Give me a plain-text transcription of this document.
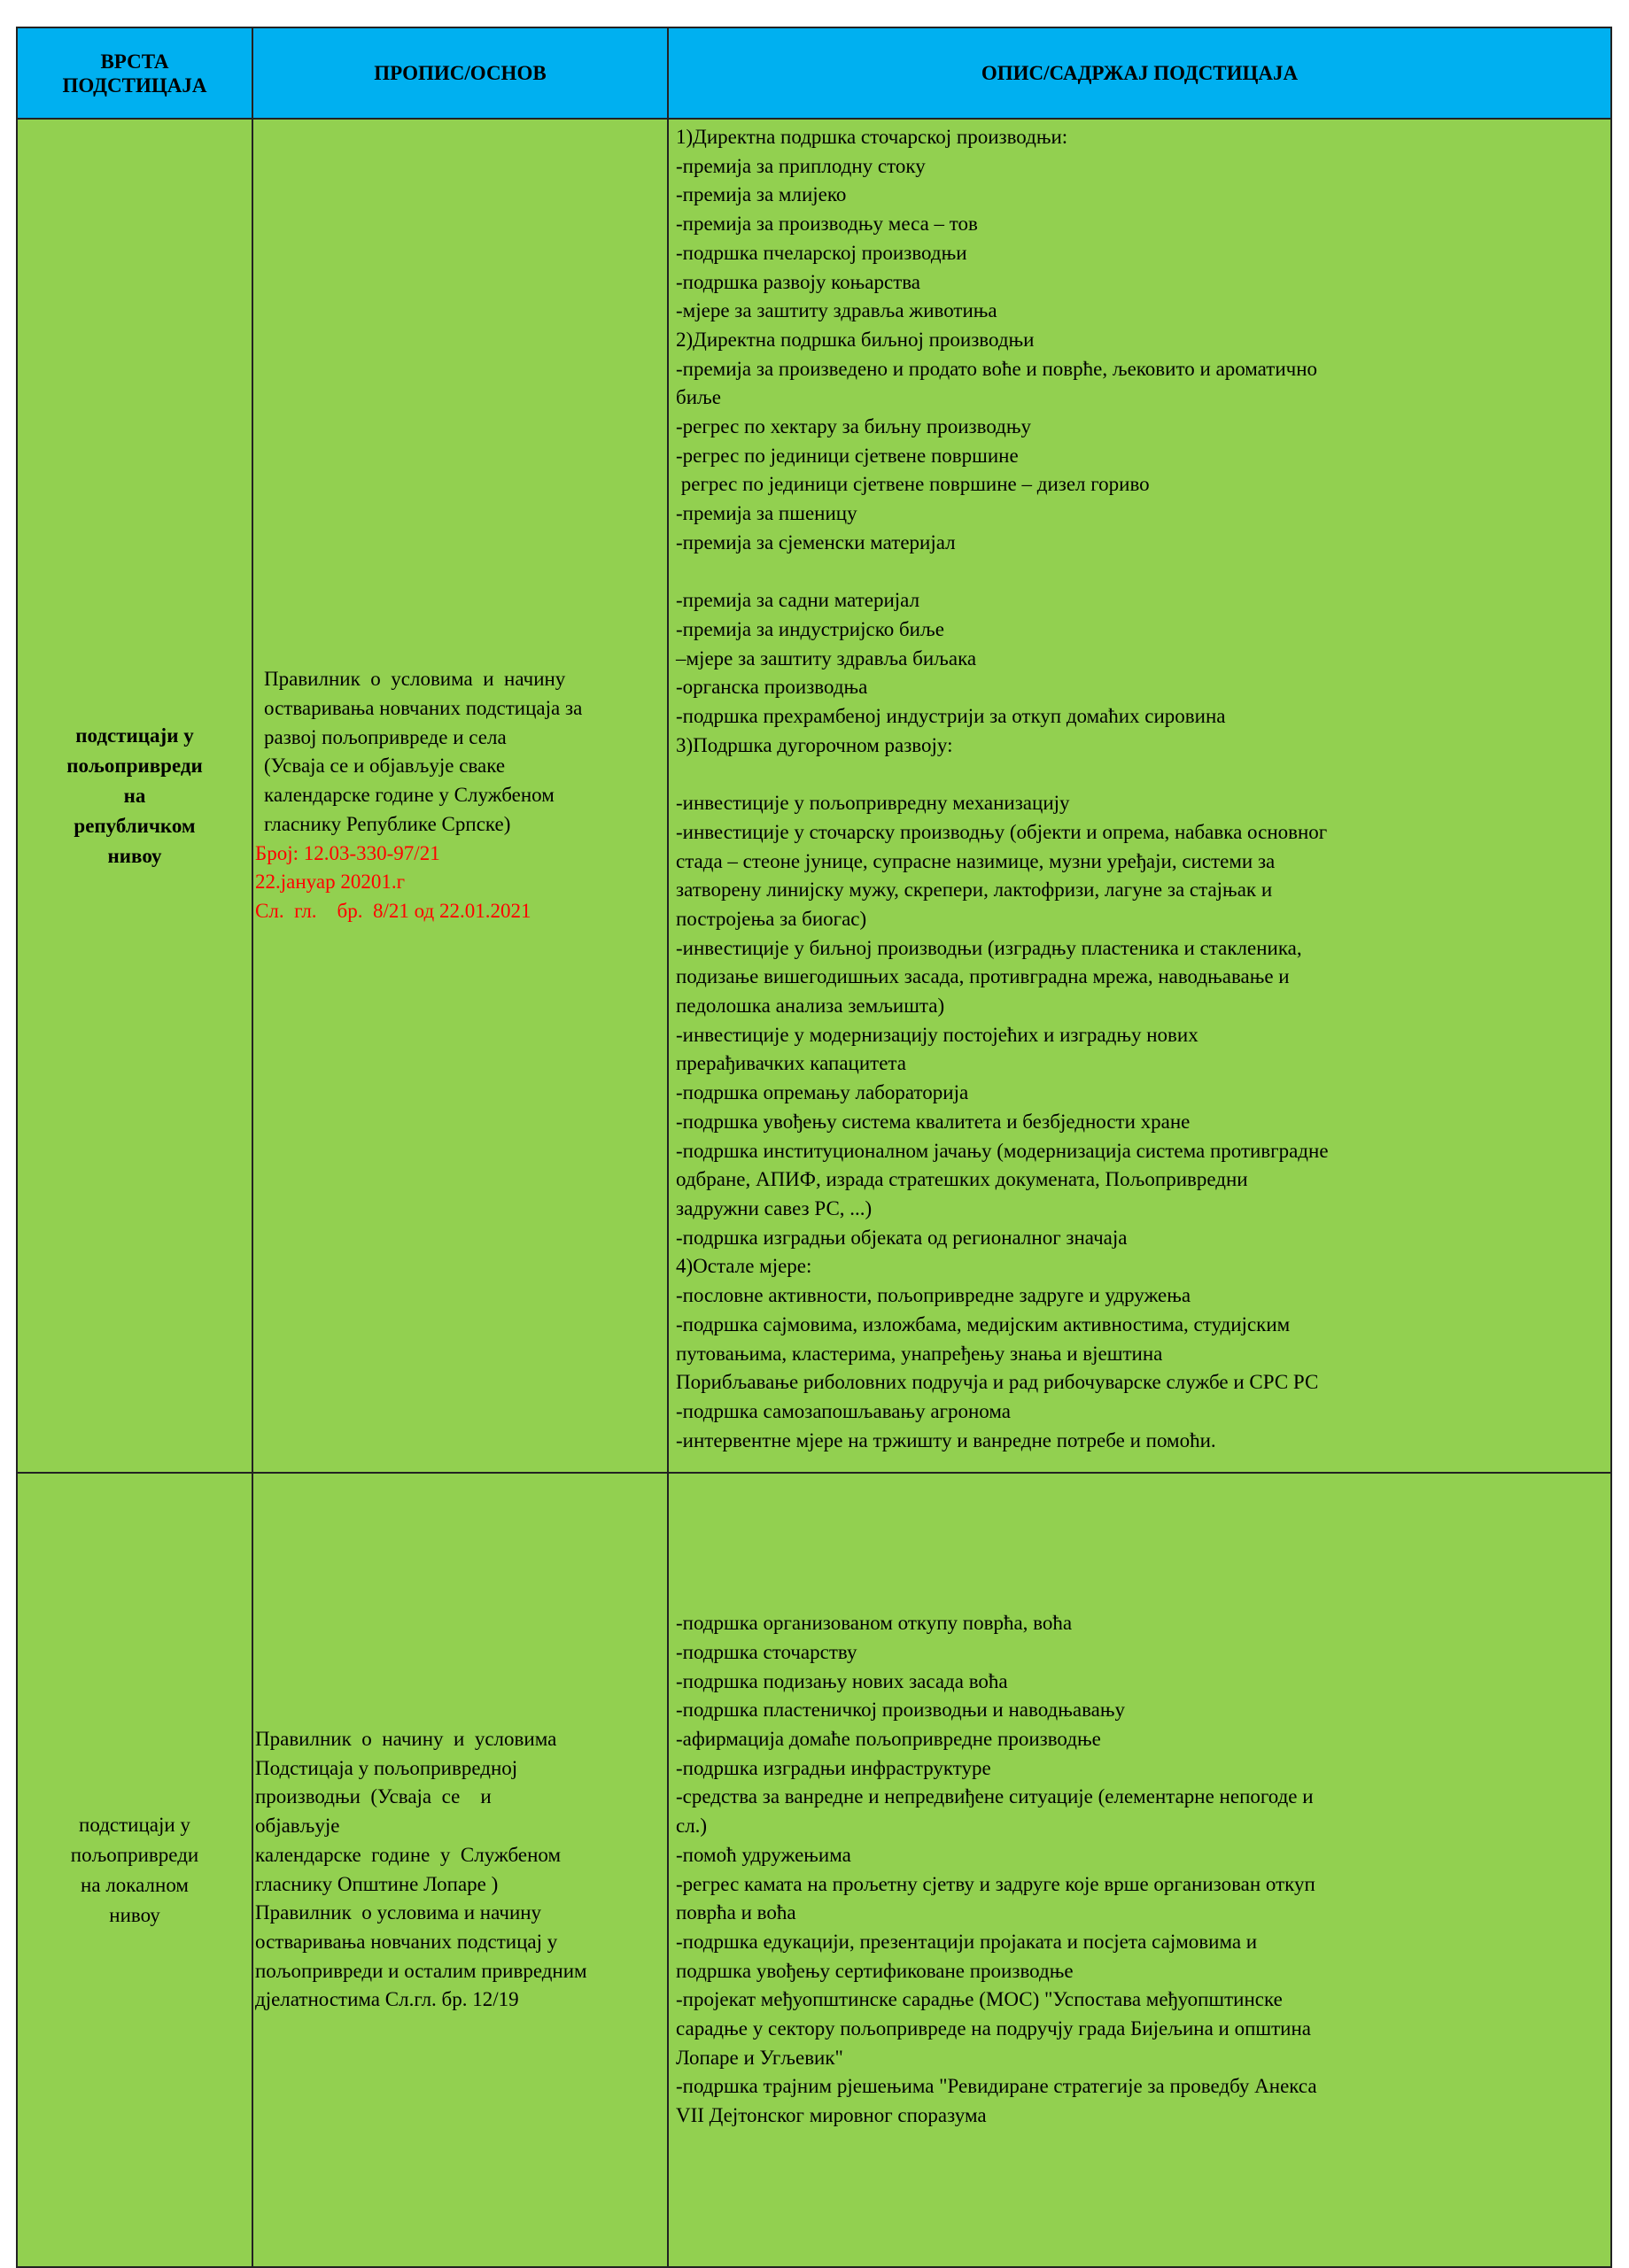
ВРСТА
ПОДСТИЦАЈА
ПРОПИС/ОСНОВ	ОПИС/САДРЖАЈ ПОДСТИЦАЈА
подстицаји у
пољопривреди
на
републичком
нивоу
Правилник  о  условима  и  начину
остваривања новчаних подстицаја за
развој пољопривреде и села
(Усваја се и објављује сваке
календарске године у Службеном
гласнику Републике Српске)
Број: 12.03-330-97/21
22.јануар 20201.г
Сл.  гл.    бр.  8/21 од 22.01.2021
1)Директна подршка сточарској производњи:
-премија за приплодну стоку
-премија за млијеко
-премија за производњу меса – тов
-подршка пчеларској производњи
-подршка развоју коњарства
-мјере за заштиту здравља животиња
2)Директна подршка биљној производњи
-премија за произведено и продато воће и поврће, љековито и ароматично
биље
-регрес по хектару за биљну производњу
-регрес по јединици сјетвене површине
регрес по јединици сјетвене површине – дизел гориво
-премија за пшеницу
-премија за сјеменски материјал
-премија за садни материјал
-премија за индустријско биље
–мјере за заштиту здравља биљака
-органска производња
-подршка прехрамбеној индустрији за откуп домаћих сировина
3)Подршка дугорочном развоју:
-инвестиције у пољопривредну механизацију
-инвестиције у сточарску производњу (објекти и опрема, набавка основног
стада – стеоне јунице, супрасне назимице, музни уређаји, системи за
затворену линијску мужу, скрепери, лактофризи, лагуне за стајњак и
постројења за биогас)
-инвестиције у биљној производњи (изградњу пластеника и стакленика,
подизање вишегодишњих засада, противградна мрежа, наводњавање и
педолошка анализа земљишта)
-инвестиције у модернизацију постојећих и изградњу нових
прерађивачких капацитета
-подршка опремању лабораторија
-подршка увођењу система квалитета и безбједности хране
-подршка институционалном јачању (модернизација система противградне
одбране, АПИФ, израда стратешких докумената, Пољопривредни
задружни савез РС, ...)
-подршка изградњи објеката од регионалног значаја
4)Остале мјере:
-пословне активности, пољопривредне задруге и удружења
-подршка сајмовима, изложбама, медијским активностима, студијским
путовањима, кластерима, унапређењу знања и вјештина
Порибљавање риболовних подручја и рад рибочуварске службе и СРС РС
-подршка самозапошљавању агронома
-интервентне мјере на тржишту и ванредне потребе и помоћи.
подстицаји у
пољопривреди
на локалном
нивоу
Правилник  о  начину  и  условима
Подстицаја у пољопривредној
производњи  (Усваја  се    и
објављује
календарске  године  у  Службеном
гласнику Општине Лопаре )
Правилник  о условима и начину
остваривања новчаних подстицај у
пољопривреди и осталим привредним
дјелатностима Сл.гл. бр. 12/19
-подршка организованом откупу поврћа, воћа
-подршка сточарству
-подршка подизању нових засада воћа
-подршка пластеничкој производњи и наводњавању
-афирмација домаће пољопривредне производње
-подршка изградњи инфраструктуре
-средства за ванредне и непредвиђене ситуације (елементарне непогоде и
сл.)
-помоћ удружењима
-регрес камата на прољетну сјетву и задруге које врше организован откуп
поврћа и воћа
-подршка едукацији, презентацији пројаката и посјета сајмовима и
подршка увођењу сертификоване производње
-пројекат међуопштинске сарадње (МОС) "Успостава међуопштинске
сарадње у сектору пољопривреде на подручју града Бијељина и општина
Лопаре и Угљевик"
-подршка трајним рјешењима "Ревидиране стратегије за проведбу Анекса
VII Дејтонског мировног споразума
